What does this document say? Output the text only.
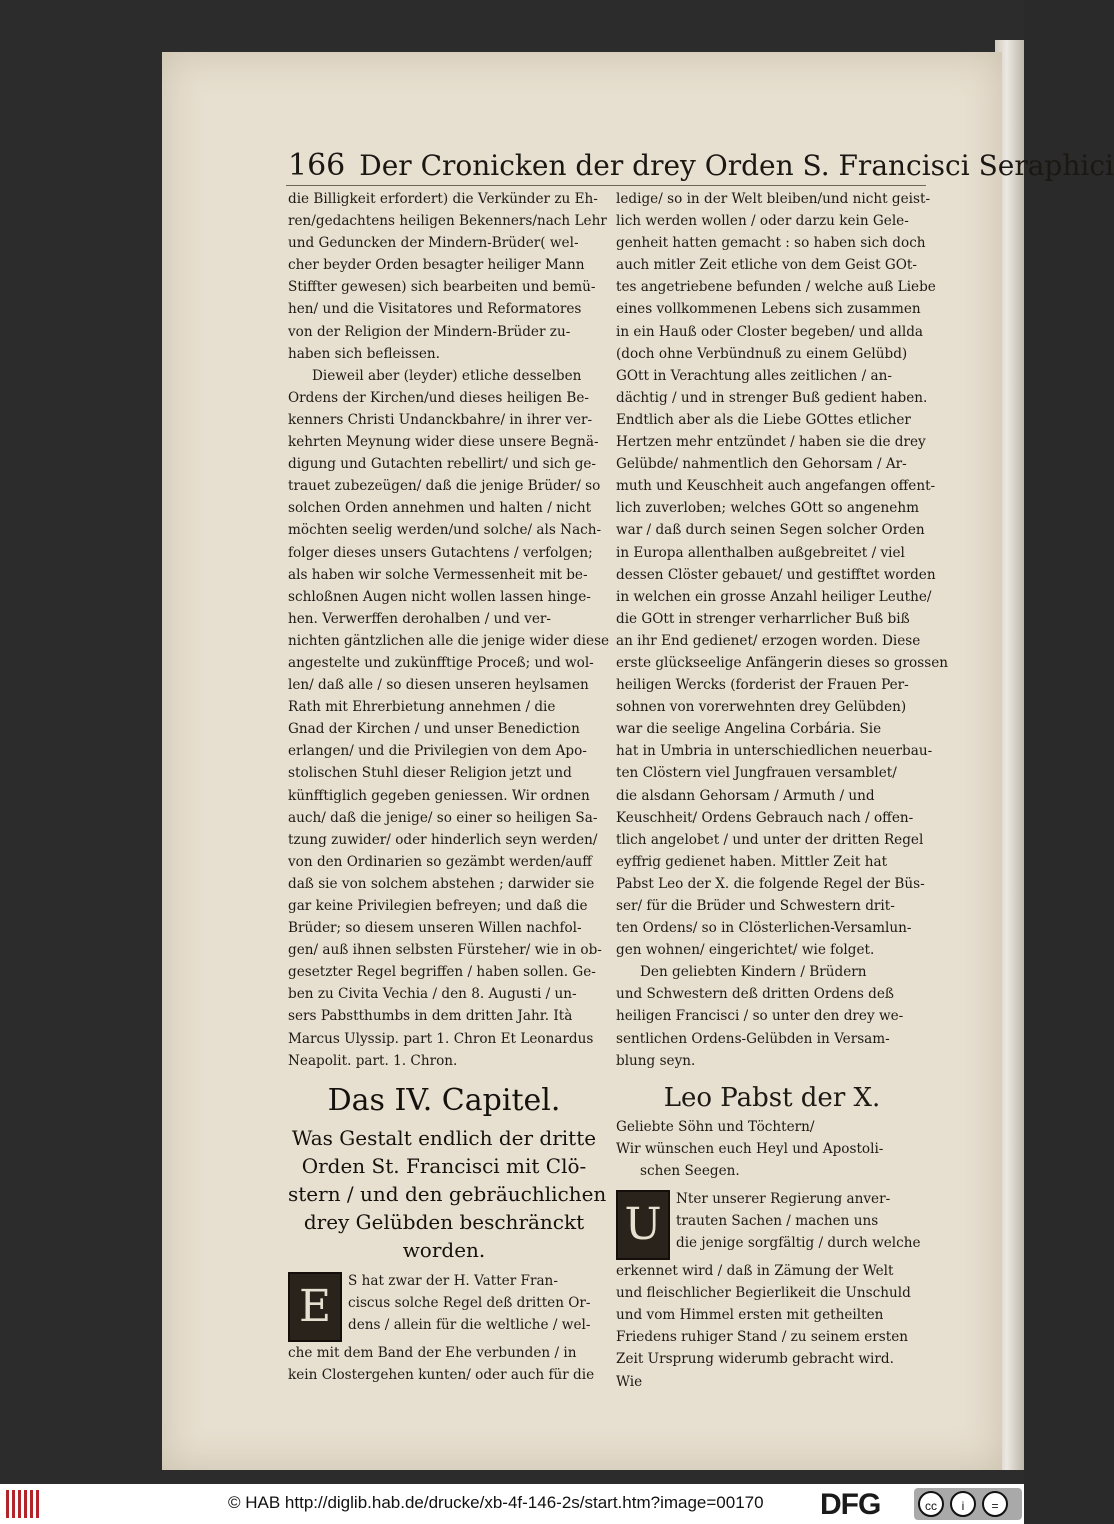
166 Der Cronicken der drey Orden S. Francisci Seraphici

die Billigkeit erfordert) die Verkünder zu Eh-

ren/gedachtens heiligen Bekenners/nach Lehr

und Geduncken der Mindern-Brüder( wel-

cher beyder Orden besagter heiliger Mann

Stiffter gewesen) sich bearbeiten und bemü-

hen/ und die Visitatores und Reformatores

von der Religion der Mindern-Brüder zu-

haben sich befleissen.

Dieweil aber (leyder) etliche desselben

Ordens der Kirchen/und dieses heiligen Be-

kenners Christi Undanckbahre/ in ihrer ver-

kehrten Meynung wider diese unsere Begnä-

digung und Gutachten rebellirt/ und sich ge-

trauet zubezeügen/ daß die jenige Brüder/ so

solchen Orden annehmen und halten / nicht

möchten seelig werden/und solche/ als Nach-

folger dieses unsers Gutachtens / verfolgen;

als haben wir solche Vermessenheit mit be-

schloßnen Augen nicht wollen lassen hinge-

hen. Verwerffen derohalben / und ver-

nichten gäntzlichen alle die jenige wider diese

angestelte und zukünfftige Proceß; und wol-

len/ daß alle / so diesen unseren heylsamen

Rath mit Ehrerbietung annehmen / die

Gnad der Kirchen / und unser Benediction

erlangen/ und die Privilegien von dem Apo-

stolischen Stuhl dieser Religion jetzt und

künfftiglich gegeben geniessen. Wir ordnen

auch/ daß die jenige/ so einer so heiligen Sa-

tzung zuwider/ oder hinderlich seyn werden/

von den Ordinarien so gezämbt werden/auff

daß sie von solchem abstehen ; darwider sie

gar keine Privilegien befreyen; und daß die

Brüder; so diesem unseren Willen nachfol-

gen/ auß ihnen selbsten Fürsteher/ wie in ob-

gesetzter Regel begriffen / haben sollen. Ge-

ben zu Civita Vechia / den 8. Augusti / un-

sers Pabstthumbs in dem dritten Jahr. Ità

Marcus Ulyssip. part 1. Chron Et Leonardus

Neapolit. part. 1. Chron.

Das IV. Capitel.
Was Gestalt endlich der dritte
Orden St. Francisci mit Clö-
stern / und den gebräuchlichen
drey Gelübden beschränckt
worden.
E	S hat zwar der H. Vatter Fran-

ciscus solche Regel deß dritten Or-

dens / allein für die weltliche / wel-

che mit dem Band der Ehe verbunden / in

kein Clostergehen kunten/ oder auch für die

ledige/ so in der Welt bleiben/und nicht geist-

lich werden wollen / oder darzu kein Gele-

genheit hatten gemacht : so haben sich doch

auch mitler Zeit etliche von dem Geist GOt-

tes angetriebene befunden / welche auß Liebe

eines vollkommenen Lebens sich zusammen

in ein Hauß oder Closter begeben/ und allda

(doch ohne Verbündnuß zu einem Gelübd)

GOtt in Verachtung alles zeitlichen / an-

dächtig / und in strenger Buß gedient haben.

Endtlich aber als die Liebe GOttes etlicher

Hertzen mehr entzündet / haben sie die drey

Gelübde/ nahmentlich den Gehorsam / Ar-

muth und Keuschheit auch angefangen offent-

lich zuverloben; welches GOtt so angenehm

war / daß durch seinen Segen solcher Orden

in Europa allenthalben außgebreitet / viel

dessen Clöster gebauet/ und gestifftet worden

in welchen ein grosse Anzahl heiliger Leuthe/

die GOtt in strenger verharrlicher Buß biß

an ihr End gedienet/ erzogen worden. Diese

erste glückseelige Anfängerin dieses so grossen

heiligen Wercks (forderist der Frauen Per-

sohnen von vorerwehnten drey Gelübden)

war die seelige Angelina Corbária. Sie

hat in Umbria in unterschiedlichen neuerbau-

ten Clöstern viel Jungfrauen versamblet/

die alsdann Gehorsam / Armuth / und

Keuschheit/ Ordens Gebrauch nach / offen-

tlich angelobet / und unter der dritten Regel

eyffrig gedienet haben. Mittler Zeit hat

Pabst Leo der X. die folgende Regel der Büs-

ser/ für die Brüder und Schwestern drit-

ten Ordens/ so in Clösterlichen-Versamlun-

gen wohnen/ eingerichtet/ wie folget.

Den geliebten Kindern / Brüdern

und Schwestern deß dritten Ordens deß

heiligen Francisci / so unter den drey we-

sentlichen Ordens-Gelübden in Versam-

blung seyn.

Leo Pabst der X.

Geliebte Söhn und Töchtern/

Wir wünschen euch Heyl und Apostoli-

schen Seegen.

U	Nter unserer Regierung anver-

trauten Sachen / machen uns

die jenige sorgfältig / durch welche

erkennet wird / daß in Zämung der Welt

und fleischlicher Begierlikeit die Unschuld

und vom Himmel ersten mit getheilten

Friedens ruhiger Stand / zu seinem ersten

Zeit Ursprung widerumb gebracht wird.

Wie

© HAB http://diglib.hab.de/drucke/xb-4f-146-2s/start.htm?image=00170 DFG	cc	i	=
